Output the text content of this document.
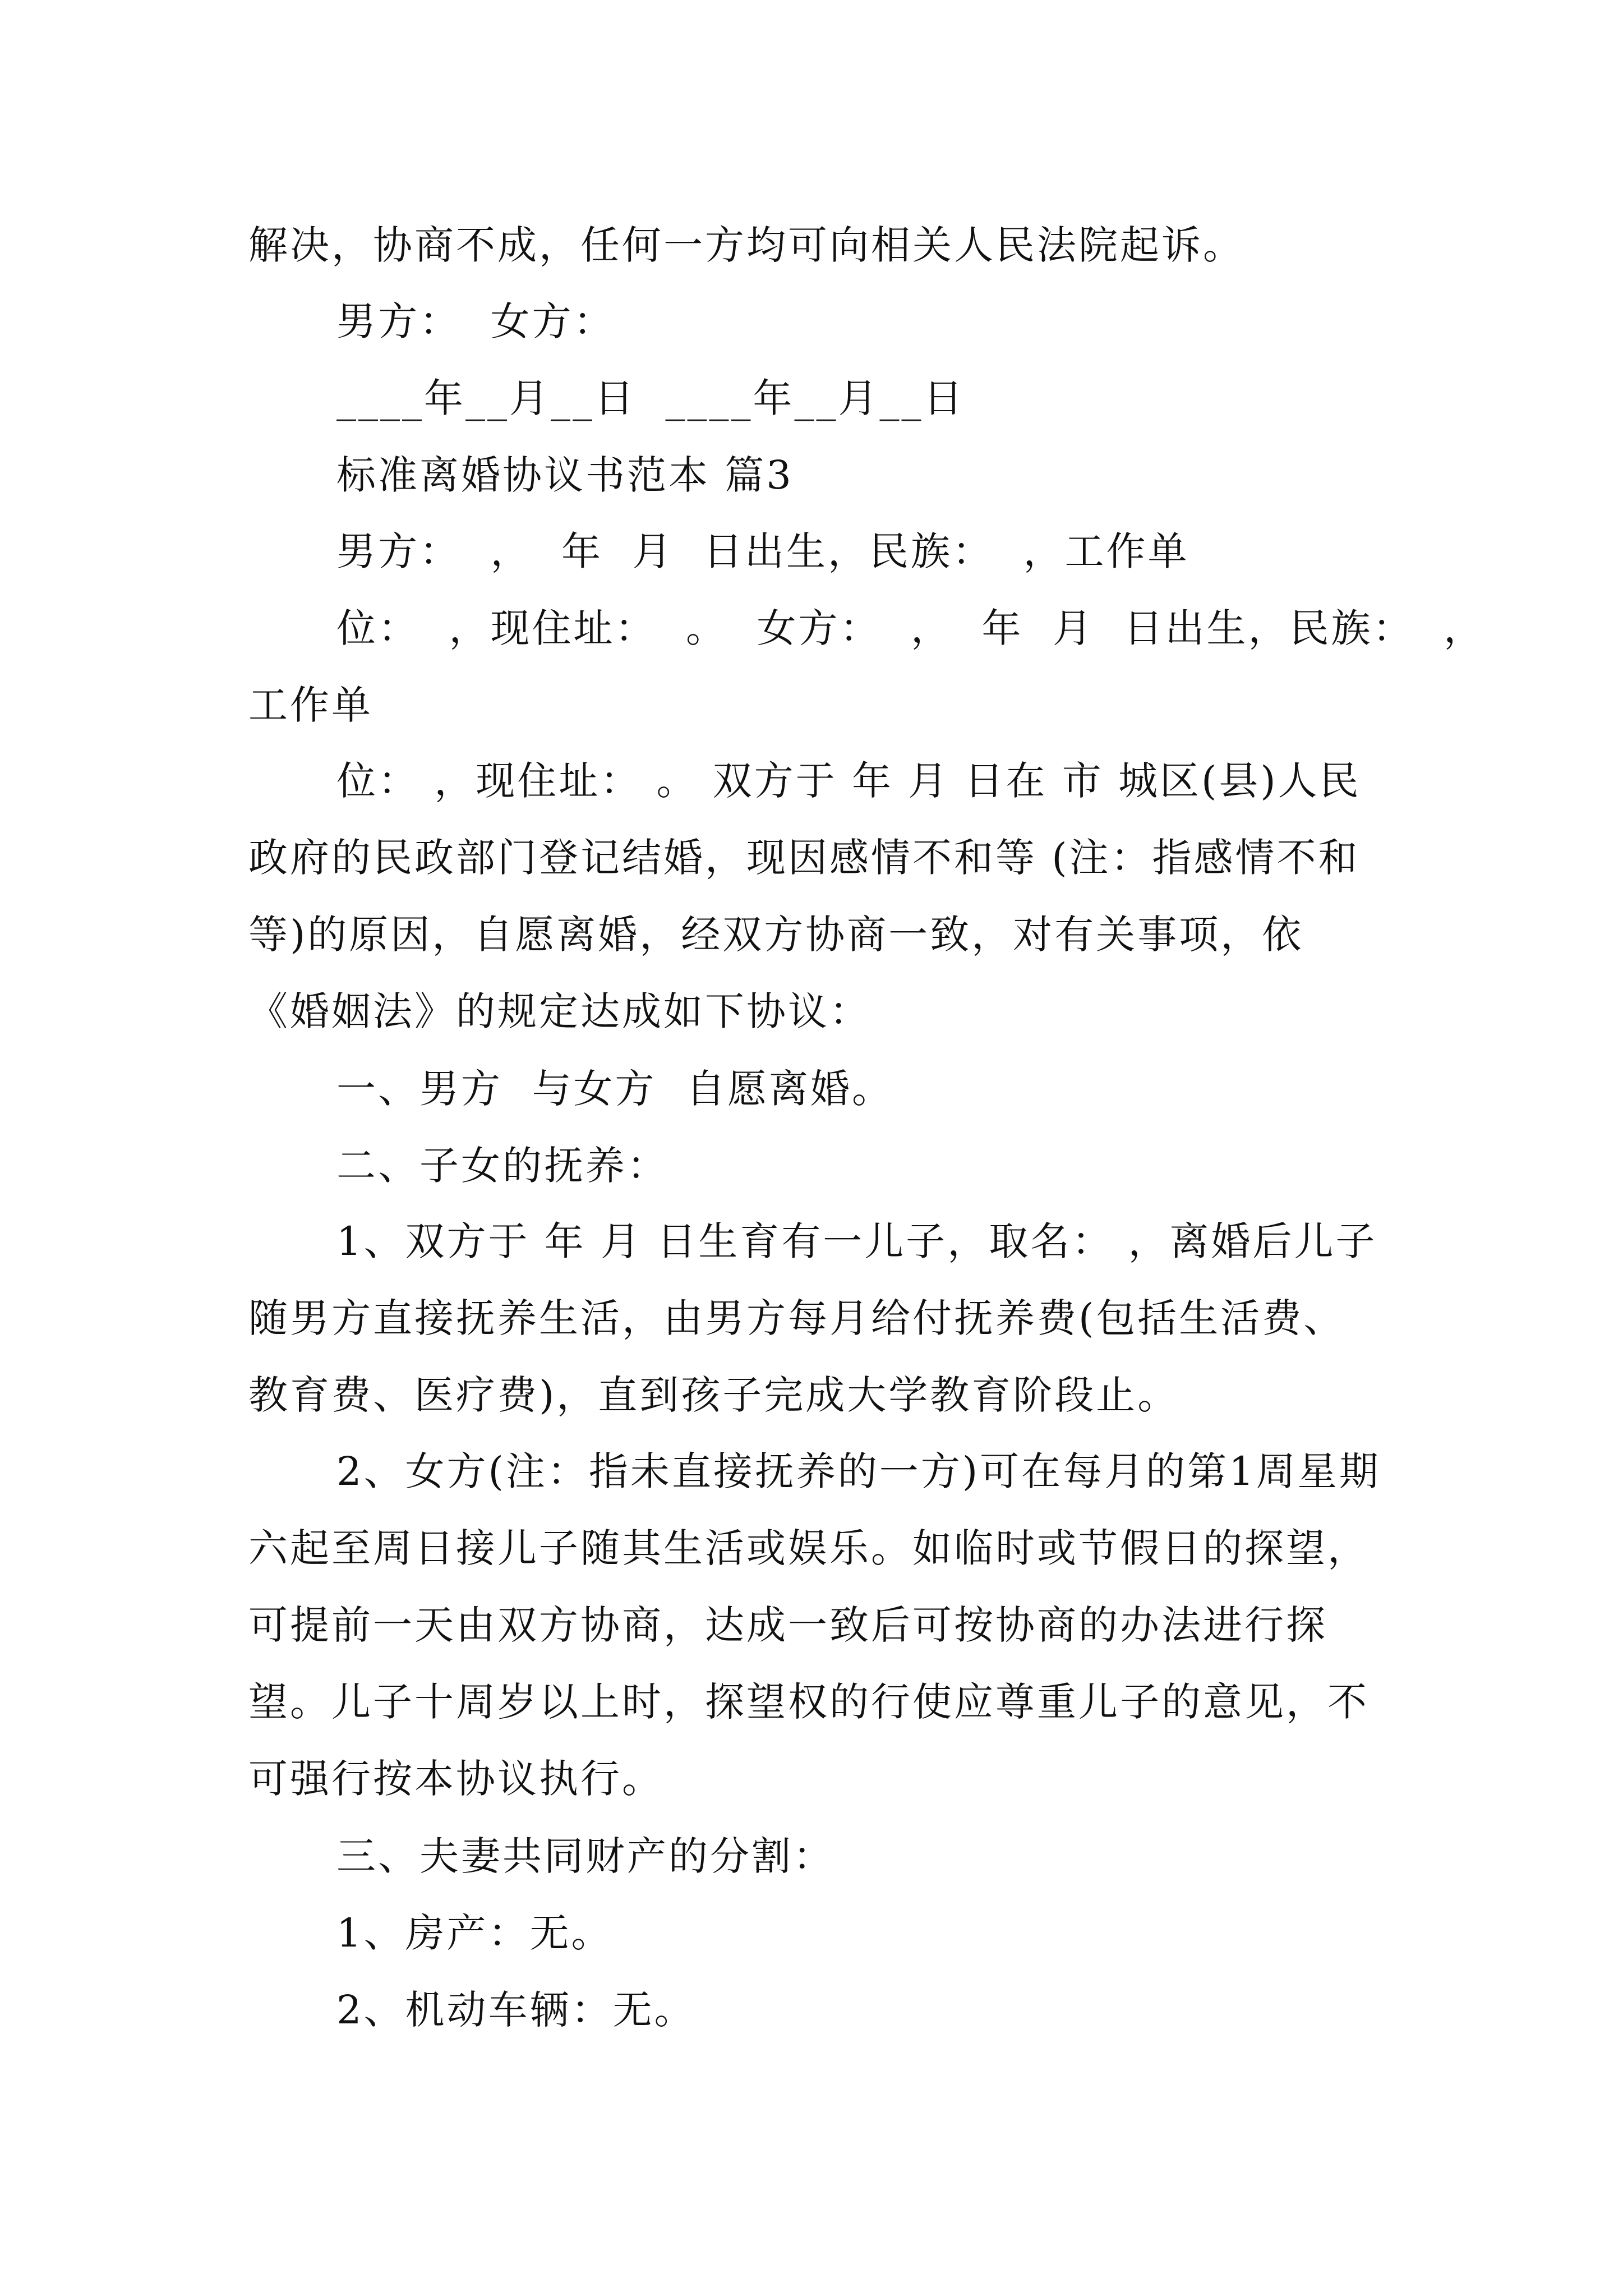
解决，协商不成，任何一方均可向相关人民法院起诉。
男方：  女方：
____年__月__日  ____年__月__日
标准离婚协议书范本 篇3
男方：  ，  年  月  日出生，民族：  ，工作单
位：  ，现住址：  。  女方：  ，  年  月  日出生，民族：  ，
工作单
位： ，现住址： 。 双方于 年 月 日在 市 城区(县)人民政府的民政部门登记结婚，现因感情不和等 (注：指感情不和等)的原因，自愿离婚，经双方协商一致，对有关事项，依《婚姻法》的规定达成如下协议：
一、男方  与女方  自愿离婚。
二、子女的抚养：
1、双方于 年 月 日生育有一儿子，取名： ，离婚后儿子随男方直接抚养生活，由男方每月给付抚养费(包括生活费、教育费、医疗费)，直到孩子完成大学教育阶段止。
2、女方(注：指未直接抚养的一方)可在每月的第1周星期六起至周日接儿子随其生活或娱乐。如临时或节假日的探望，可提前一天由双方协商，达成一致后可按协商的办法进行探望。儿子十周岁以上时，探望权的行使应尊重儿子的意见，不可强行按本协议执行。
三、夫妻共同财产的分割：
1、房产：无。
2、机动车辆：无。
